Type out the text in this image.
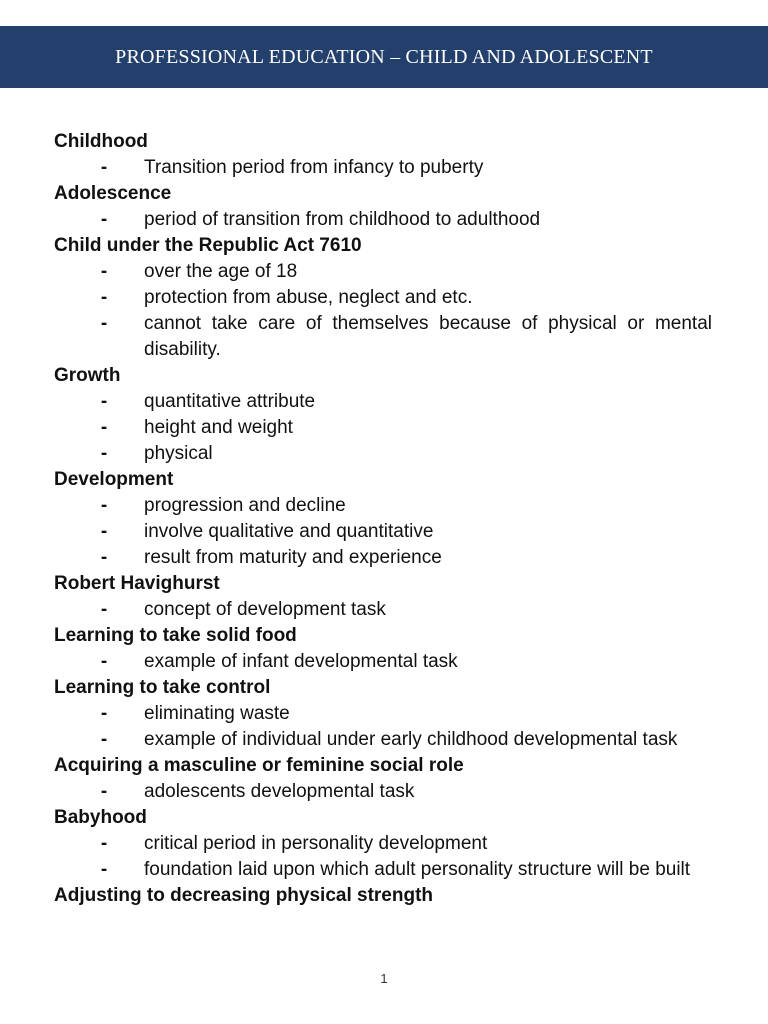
PROFESSIONAL EDUCATION – CHILD AND ADOLESCENT
Childhood
-	Transition period from infancy to puberty
Adolescence
-	period of transition from childhood to adulthood
Child under the Republic Act 7610
-	over the age of 18
-	protection from abuse, neglect and etc.
-	cannot take care of themselves because of physical or mental disability.
Growth
-	quantitative attribute
-	height and weight
-	physical
Development
-	progression and decline
-	involve qualitative and quantitative
-	result from maturity and experience
Robert Havighurst
-	concept of development task
Learning to take solid food
-	example of infant developmental task
Learning to take control
-	eliminating waste
-	example of individual under early childhood developmental task
Acquiring a masculine or feminine social role
-	adolescents developmental task
Babyhood
-	critical period in personality development
-	foundation laid upon which adult personality structure will be built
Adjusting to decreasing physical strength
1
